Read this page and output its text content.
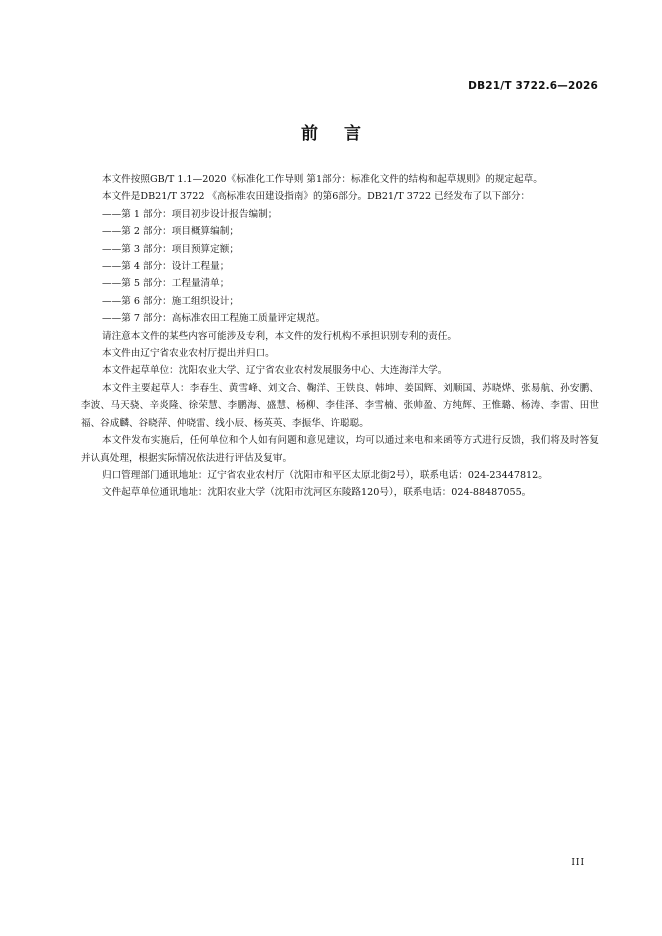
DB21/T 3722.6—2026
前言

本文件按照GB/T 1.1—2020《标准化工作导则 第1部分：标准化文件的结构和起草规则》的规定起草。

本文件是DB21/T 3722 《高标准农田建设指南》的第6部分。DB21/T 3722 已经发布了以下部分：

——第 1 部分：项目初步设计报告编制；

——第 2 部分：项目概算编制；

——第 3 部分：项目预算定额；

——第 4 部分：设计工程量；

——第 5 部分：工程量清单；

——第 6 部分：施工组织设计；

——第 7 部分：高标准农田工程施工质量评定规范。

请注意本文件的某些内容可能涉及专利，本文件的发行机构不承担识别专利的责任。

本文件由辽宁省农业农村厅提出并归口。

本文件起草单位：沈阳农业大学、辽宁省农业农村发展服务中心、大连海洋大学。

本文件主要起草人：李春生、黄雪峰、刘文合、鞠洋、王铁良、韩坤、姜国辉、刘顺国、苏晓烨、张易航、孙安鹏、李波、马天骁、辛炎隆、徐荣慧、李鹏海、盛慧、杨柳、李佳泽、李雪楠、张帅盈、方纯辉、王惟璐、杨涛、李雷、田世福、谷成麟、谷晓萍、仲晓雷、线小辰、杨英英、李振华、许聪聪。

本文件发布实施后，任何单位和个人如有问题和意见建议，均可以通过来电和来函等方式进行反馈，我们将及时答复并认真处理，根据实际情况依法进行评估及复审。

归口管理部门通讯地址：辽宁省农业农村厅（沈阳市和平区太原北街2号），联系电话：024-23447812。

文件起草单位通讯地址：沈阳农业大学（沈阳市沈河区东陵路120号），联系电话：024-88487055。

III
